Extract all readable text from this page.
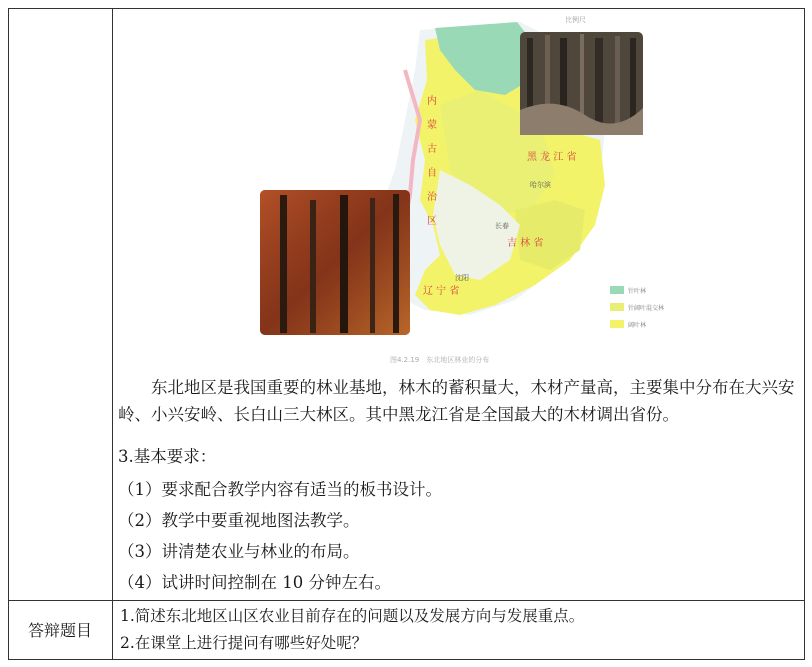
比例尺
内
蒙
古
自
治
区
黑 龙 江 省
吉 林 省
辽 宁 省
哈尔滨
长春
沈阳
针叶林
针阔叶混交林
阔叶林
图4.2.19　东北地区林业的分布
东北地区是我国重要的林业基地，林木的蓄积量大，木材产量高，主要集中分布在大兴安岭、小兴安岭、长白山三大林区。其中黑龙江省是全国最大的木材调出省份。
3.基本要求：
（1）要求配合教学内容有适当的板书设计。
（2）教学中要重视地图法教学。
（3）讲清楚农业与林业的布局。
（4）试讲时间控制在 10 分钟左右。
答辩题目
1.简述东北地区山区农业目前存在的问题以及发展方向与发展重点。
2.在课堂上进行提问有哪些好处呢？
